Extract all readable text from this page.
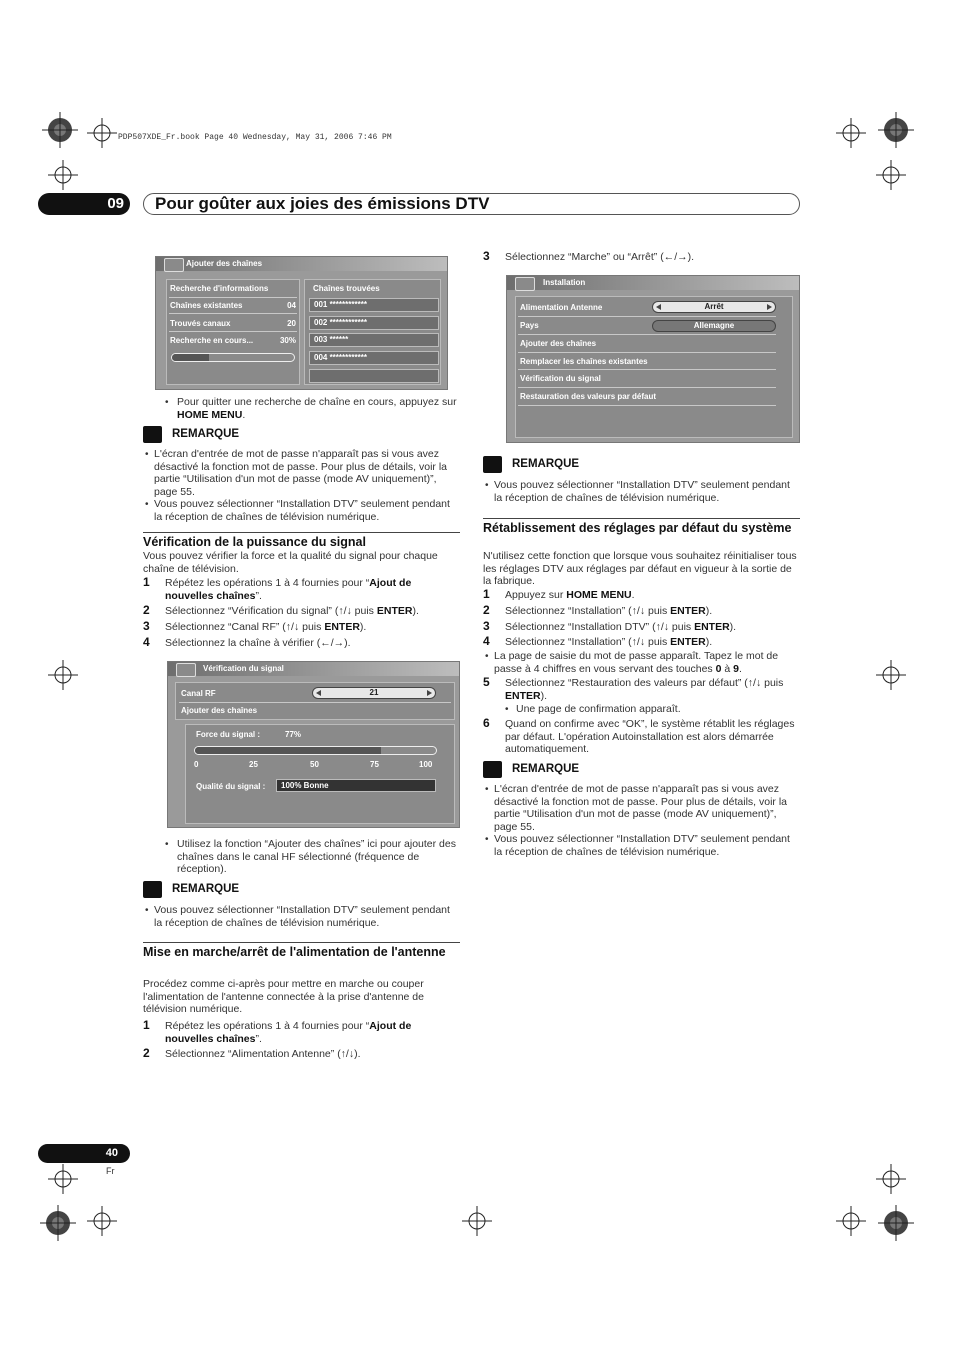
PDP507XDE_Fr.book Page 40 Wednesday, May 31, 2006 7:46 PM
09	Pour goûter aux joies des émissions DTV
Ajouter des chaînes
Recherche d'informations
Chaînes existantes	04
Trouvés canaux	20
Recherche en cours...	30%
Chaînes trouvées
001 ************
002 ************
003 ******
004 ************
• Pour quitter une recherche de chaîne en cours, appuyez sur HOME MENU.
REMARQUE
• L'écran d'entrée de mot de passe n'apparaît pas si vous avez désactivé la fonction mot de passe. Pour plus de détails, voir la partie “Utilisation d'un mot de passe (mode AV uniquement)”, page 55.
• Vous pouvez sélectionner “Installation DTV” seulement pendant la réception de chaînes de télévision numérique.
Vérification de la puissance du signal
Vous pouvez vérifier la force et la qualité du signal pour chaque chaîne de télévision.
1 Répétez les opérations 1 à 4 fournies pour “Ajout de nouvelles chaînes”.
2 Sélectionnez “Vérification du signal” (↑/↓ puis ENTER).
3 Sélectionnez “Canal RF” (↑/↓ puis ENTER).
4 Sélectionnez la chaîne à vérifier (←/→).
Vérification du signal
Canal RF	21
Ajouter des chaînes
Force du signal :	77%
0	25	50	75	100
Qualité du signal :	100% Bonne
• Utilisez la fonction “Ajouter des chaînes” ici pour ajouter des chaînes dans le canal HF sélectionné (fréquence de réception).
REMARQUE
• Vous pouvez sélectionner “Installation DTV” seulement pendant la réception de chaînes de télévision numérique.
Mise en marche/arrêt de l'alimentation de l'antenne
Procédez comme ci-après pour mettre en marche ou couper l'alimentation de l'antenne connectée à la prise d'antenne de télévision numérique.
1 Répétez les opérations 1 à 4 fournies pour “Ajout de nouvelles chaînes”.
2 Sélectionnez “Alimentation Antenne” (↑/↓).
3 Sélectionnez “Marche” ou “Arrêt” (←/→).
Installation
Alimentation Antenne	Arrêt
Pays	Allemagne
Ajouter des chaînes
Remplacer les chaînes existantes
Vérification du signal
Restauration des valeurs par défaut
REMARQUE
• Vous pouvez sélectionner “Installation DTV” seulement pendant la réception de chaînes de télévision numérique.
Rétablissement des réglages par défaut du système
N'utilisez cette fonction que lorsque vous souhaitez réinitialiser tous les réglages DTV aux réglages par défaut en vigueur à la sortie de la fabrique.
1 Appuyez sur HOME MENU.
2 Sélectionnez “Installation” (↑/↓ puis ENTER).
3 Sélectionnez “Installation DTV” (↑/↓ puis ENTER).
4 Sélectionnez “Installation” (↑/↓ puis ENTER).
• La page de saisie du mot de passe apparaît. Tapez le mot de passe à 4 chiffres en vous servant des touches 0 à 9.
5 Sélectionnez “Restauration des valeurs par défaut” (↑/↓ puis ENTER).
• Une page de confirmation apparaît.
6 Quand on confirme avec “OK”, le système rétablit les réglages par défaut. L'opération Autoinstallation est alors démarrée automatiquement.
REMARQUE
• L'écran d'entrée de mot de passe n'apparaît pas si vous avez désactivé la fonction mot de passe. Pour plus de détails, voir la partie “Utilisation d'un mot de passe (mode AV uniquement)”, page 55.
• Vous pouvez sélectionner “Installation DTV” seulement pendant la réception de chaînes de télévision numérique.
40
Fr
